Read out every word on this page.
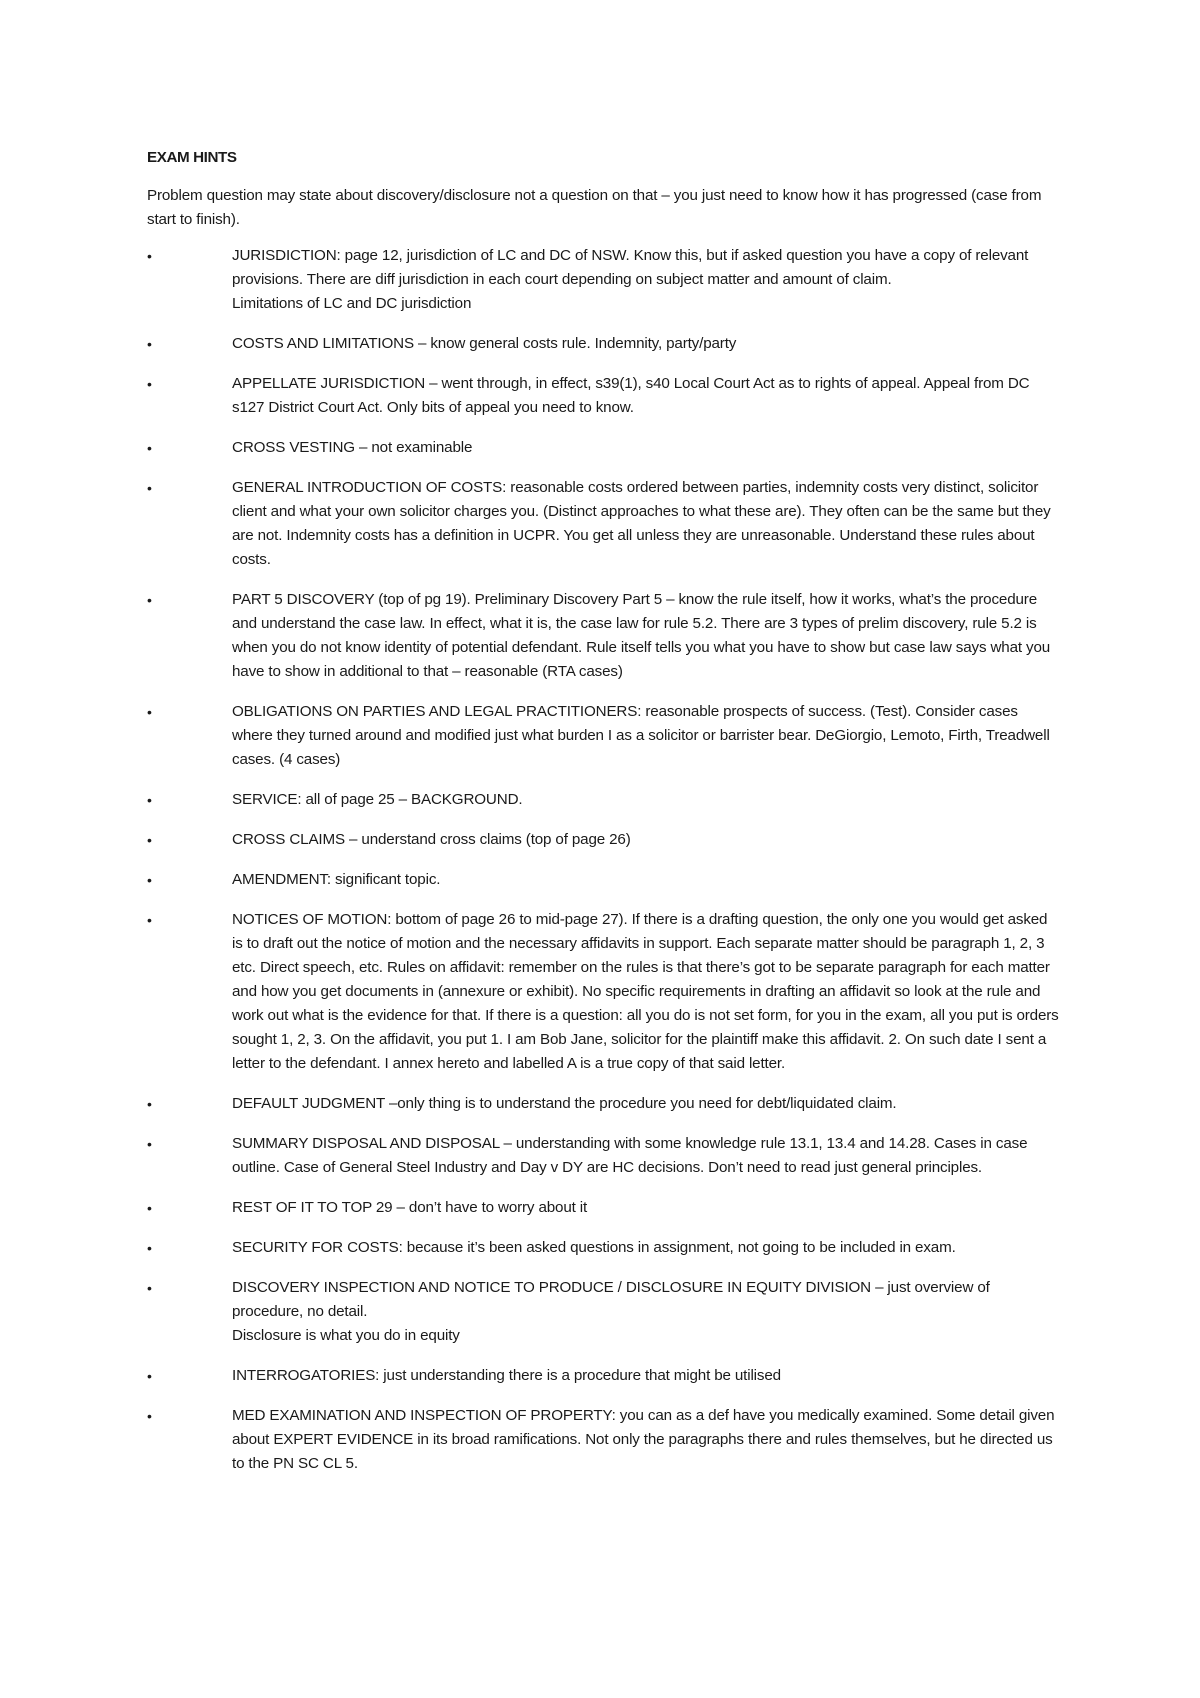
EXAM HINTS
Problem question may state about discovery/disclosure not a question on that – you just need to know how it has progressed (case from start to finish).
•	JURISDICTION: page 12, jurisdiction of LC and DC of NSW. Know this, but if asked question you have a copy of relevant provisions. There are diff jurisdiction in each court depending on subject matter and amount of claim.
Limitations of LC and DC jurisdiction
•	COSTS AND LIMITATIONS – know general costs rule. Indemnity, party/party
•	APPELLATE JURISDICTION – went through, in effect, s39(1), s40 Local Court Act as to rights of appeal. Appeal from DC s127 District Court Act. Only bits of appeal you need to know.
•	CROSS VESTING – not examinable
•	GENERAL INTRODUCTION OF COSTS: reasonable costs ordered between parties, indemnity costs very distinct, solicitor client and what your own solicitor charges you. (Distinct approaches to what these are). They often can be the same but they are not. Indemnity costs has a definition in UCPR. You get all unless they are unreasonable. Understand these rules about costs.
•	PART 5 DISCOVERY (top of pg 19). Preliminary Discovery Part 5 – know the rule itself, how it works, what’s the procedure and understand the case law. In effect, what it is, the case law for rule 5.2. There are 3 types of prelim discovery, rule 5.2 is when you do not know identity of potential defendant. Rule itself tells you what you have to show but case law says what you have to show in additional to that – reasonable (RTA cases)
•	OBLIGATIONS ON PARTIES AND LEGAL PRACTITIONERS: reasonable prospects of success. (Test). Consider cases where they turned around and modified just what burden I as a solicitor or barrister bear. DeGiorgio, Lemoto, Firth, Treadwell cases. (4 cases)
•	SERVICE: all of page 25 – BACKGROUND.
•	CROSS CLAIMS – understand cross claims (top of page 26)
•	AMENDMENT: significant topic.
•	NOTICES OF MOTION: bottom of page 26 to mid-page 27). If there is a drafting question, the only one you would get asked is to draft out the notice of motion and the necessary affidavits in support. Each separate matter should be paragraph 1, 2, 3 etc. Direct speech, etc. Rules on affidavit: remember on the rules is that there’s got to be separate paragraph for each matter and how you get documents in (annexure or exhibit). No specific requirements in drafting an affidavit so look at the rule and work out what is the evidence for that. If there is a question: all you do is not set form, for you in the exam, all you put is orders sought 1, 2, 3. On the affidavit, you put 1. I am Bob Jane, solicitor for the plaintiff make this affidavit. 2. On such date I sent a letter to the defendant. I annex hereto and labelled A is a true copy of that said letter.
•	DEFAULT JUDGMENT –only thing is to understand the procedure you need for debt/liquidated claim.
•	SUMMARY DISPOSAL AND DISPOSAL – understanding with some knowledge rule 13.1, 13.4 and 14.28. Cases in case outline. Case of General Steel Industry and Day v DY are HC decisions. Don’t need to read just general principles.
•	REST OF IT TO TOP 29 – don’t have to worry about it
•	SECURITY FOR COSTS: because it’s been asked questions in assignment, not going to be included in exam.
•	DISCOVERY INSPECTION AND NOTICE TO PRODUCE / DISCLOSURE IN EQUITY DIVISION – just overview of procedure, no detail.
Disclosure is what you do in equity
•	INTERROGATORIES: just understanding there is a procedure that might be utilised
•	MED EXAMINATION AND INSPECTION OF PROPERTY: you can as a def have you medically examined. Some detail given about EXPERT EVIDENCE in its broad ramifications. Not only the paragraphs there and rules themselves, but he directed us to the PN SC CL 5.
